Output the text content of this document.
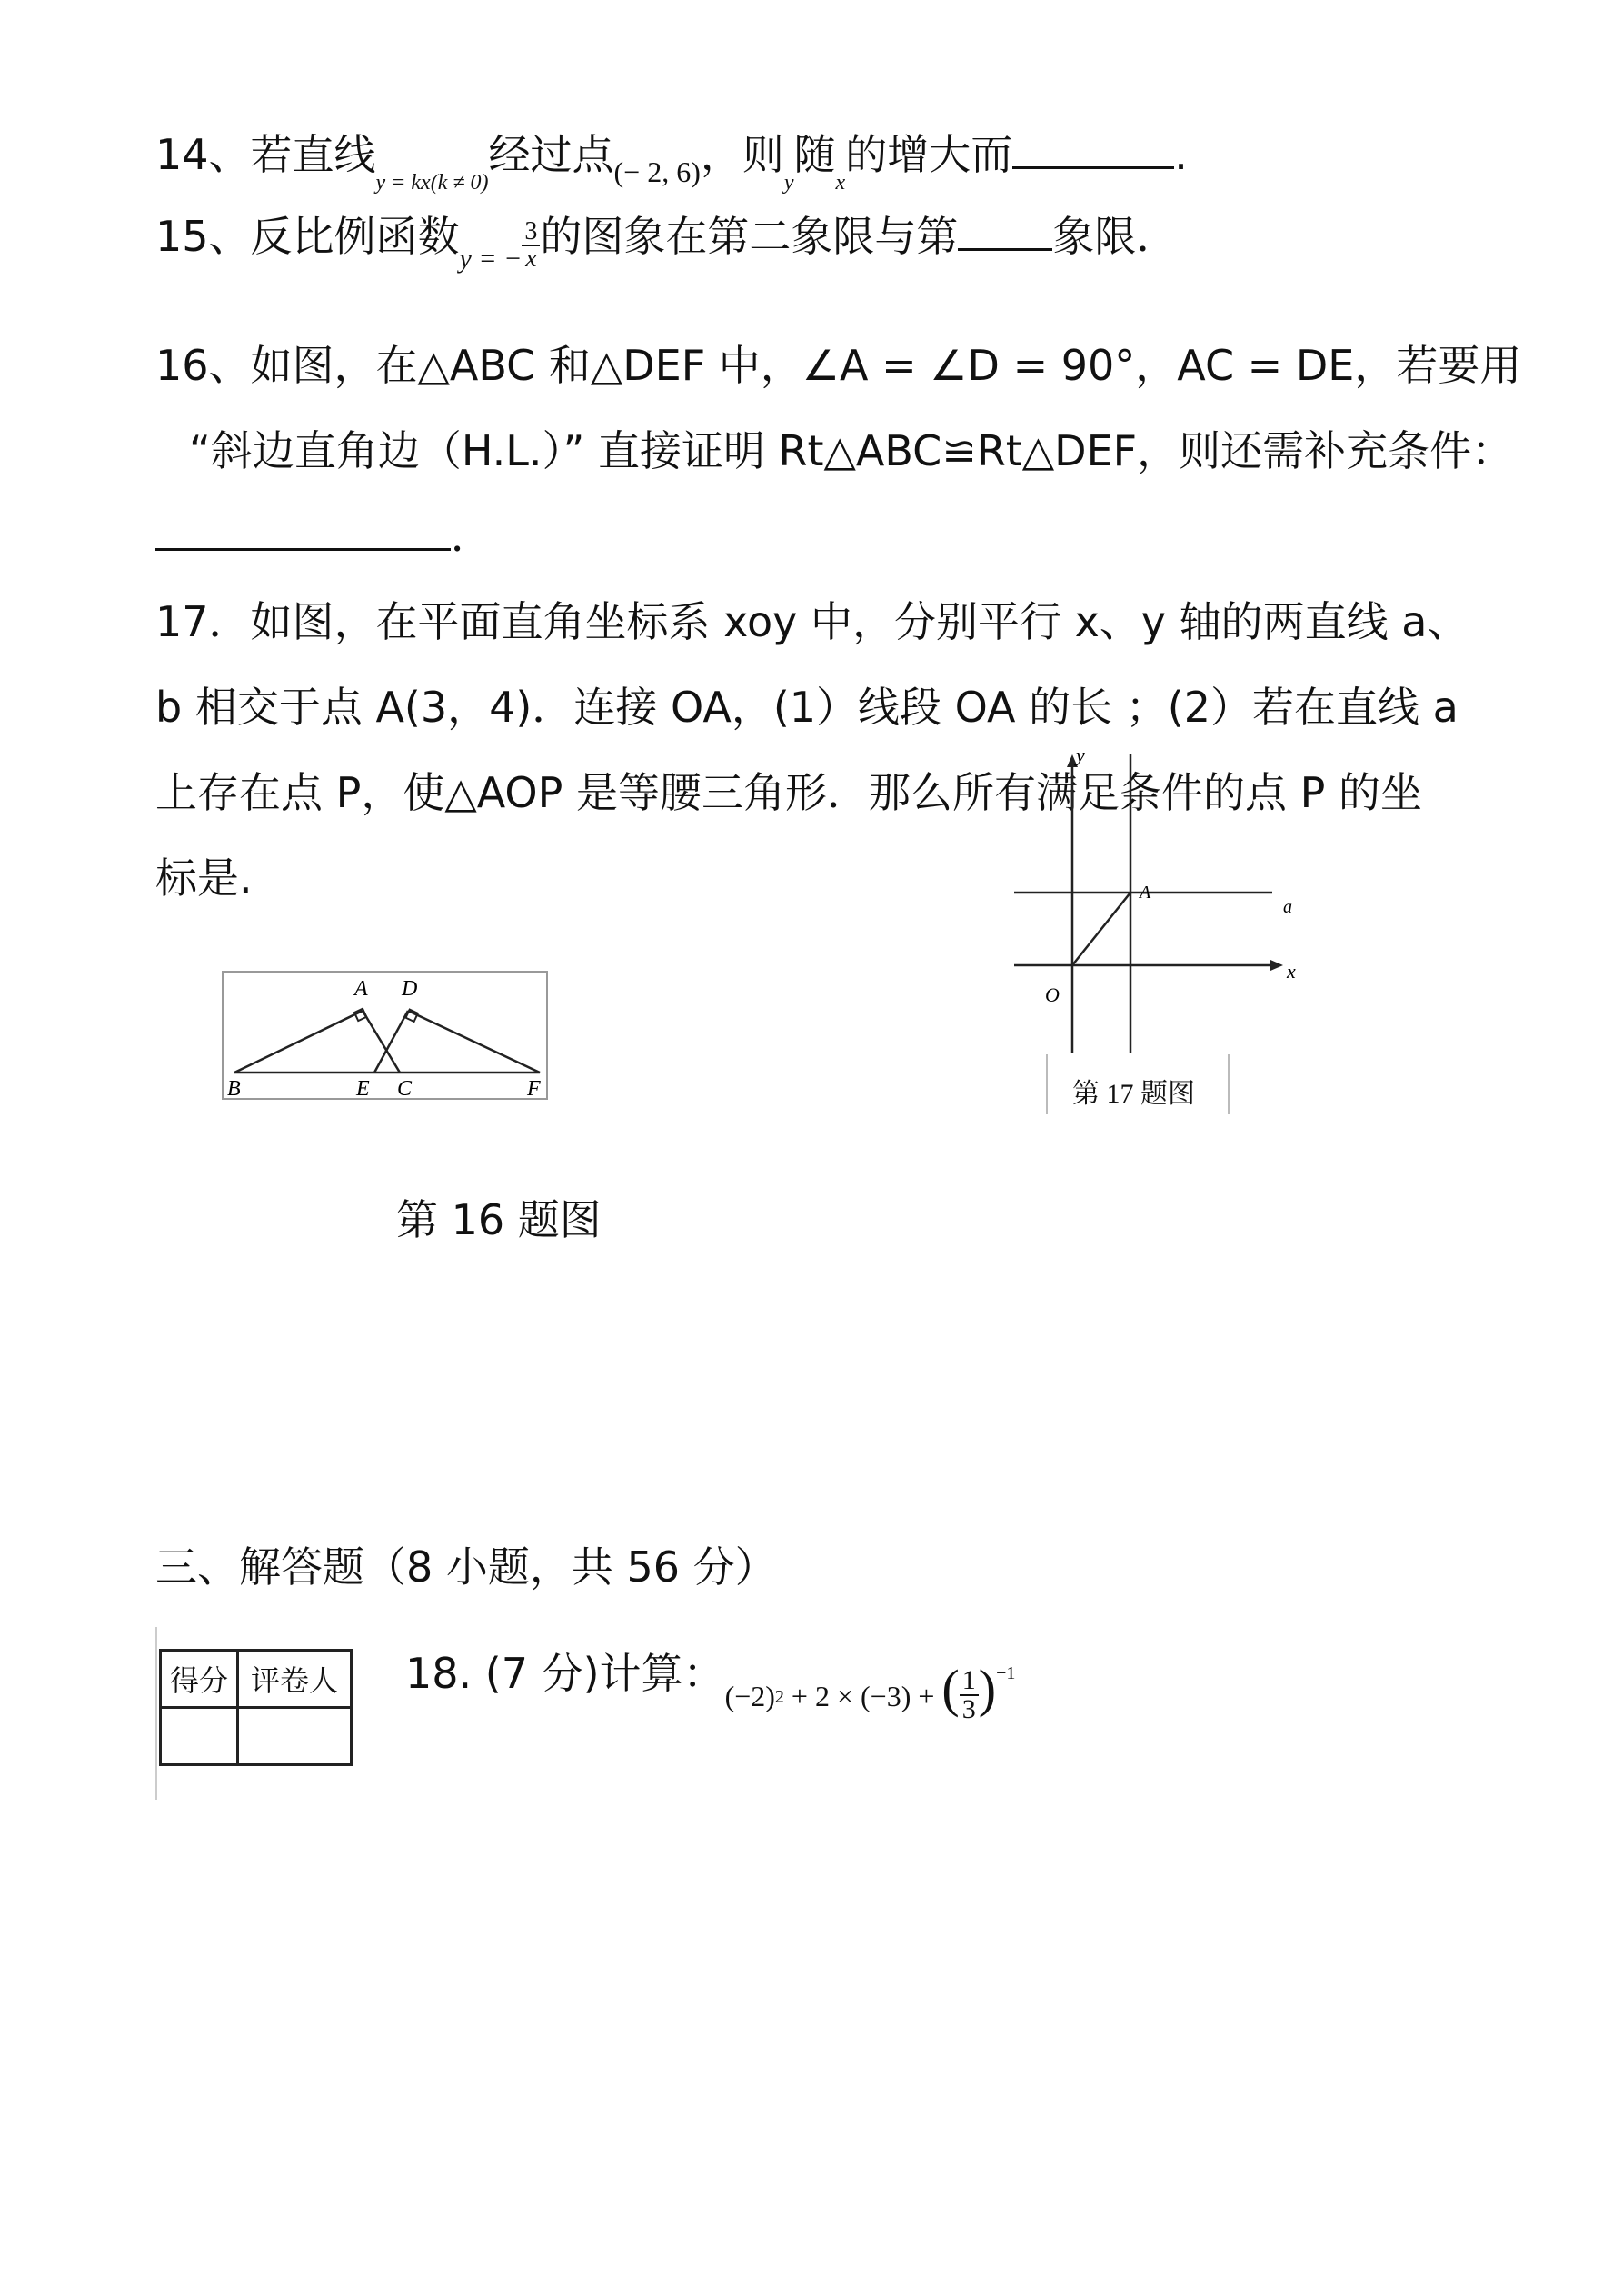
14、若直线$_{y = kx(k \ne 0)}$经过点$_{(- 2, 6)}$，则$_y$随$_x$的增大而	.
15、反比例函数$_{y = -} \frac{3}{x}$ 的图象在第二象限与第 象限．
16、如图，在△ABC 和△DEF 中，∠A = ∠D = 90°，AC = DE，若要用
“斜边直角边（H.L.）” 直接证明 Rt△ABC≌Rt△DEF，则还需补充条件：
．
17．如图，在平面直角坐标系 xoy 中，分别平行 x、y 轴的两直线 a、
b 相交于点 A(3，4)．连接 OA，(1）线段 OA 的长 ；(2）若在直线 a
上存在点 P，使△AOP 是等腰三角形．那么所有满足条件的点 P 的坐
标是.
A D
B	E C	F
第 16 题图
y
A
a
x
O
第 17 题图
三、解答题（8 小题，共 56 分）
得分	评卷人
	18. (7 分)计算：$_{(-2)2}$ $_{+ 2 \times (-3) +}$ ( $\frac{1}{3} )^{-1}$
